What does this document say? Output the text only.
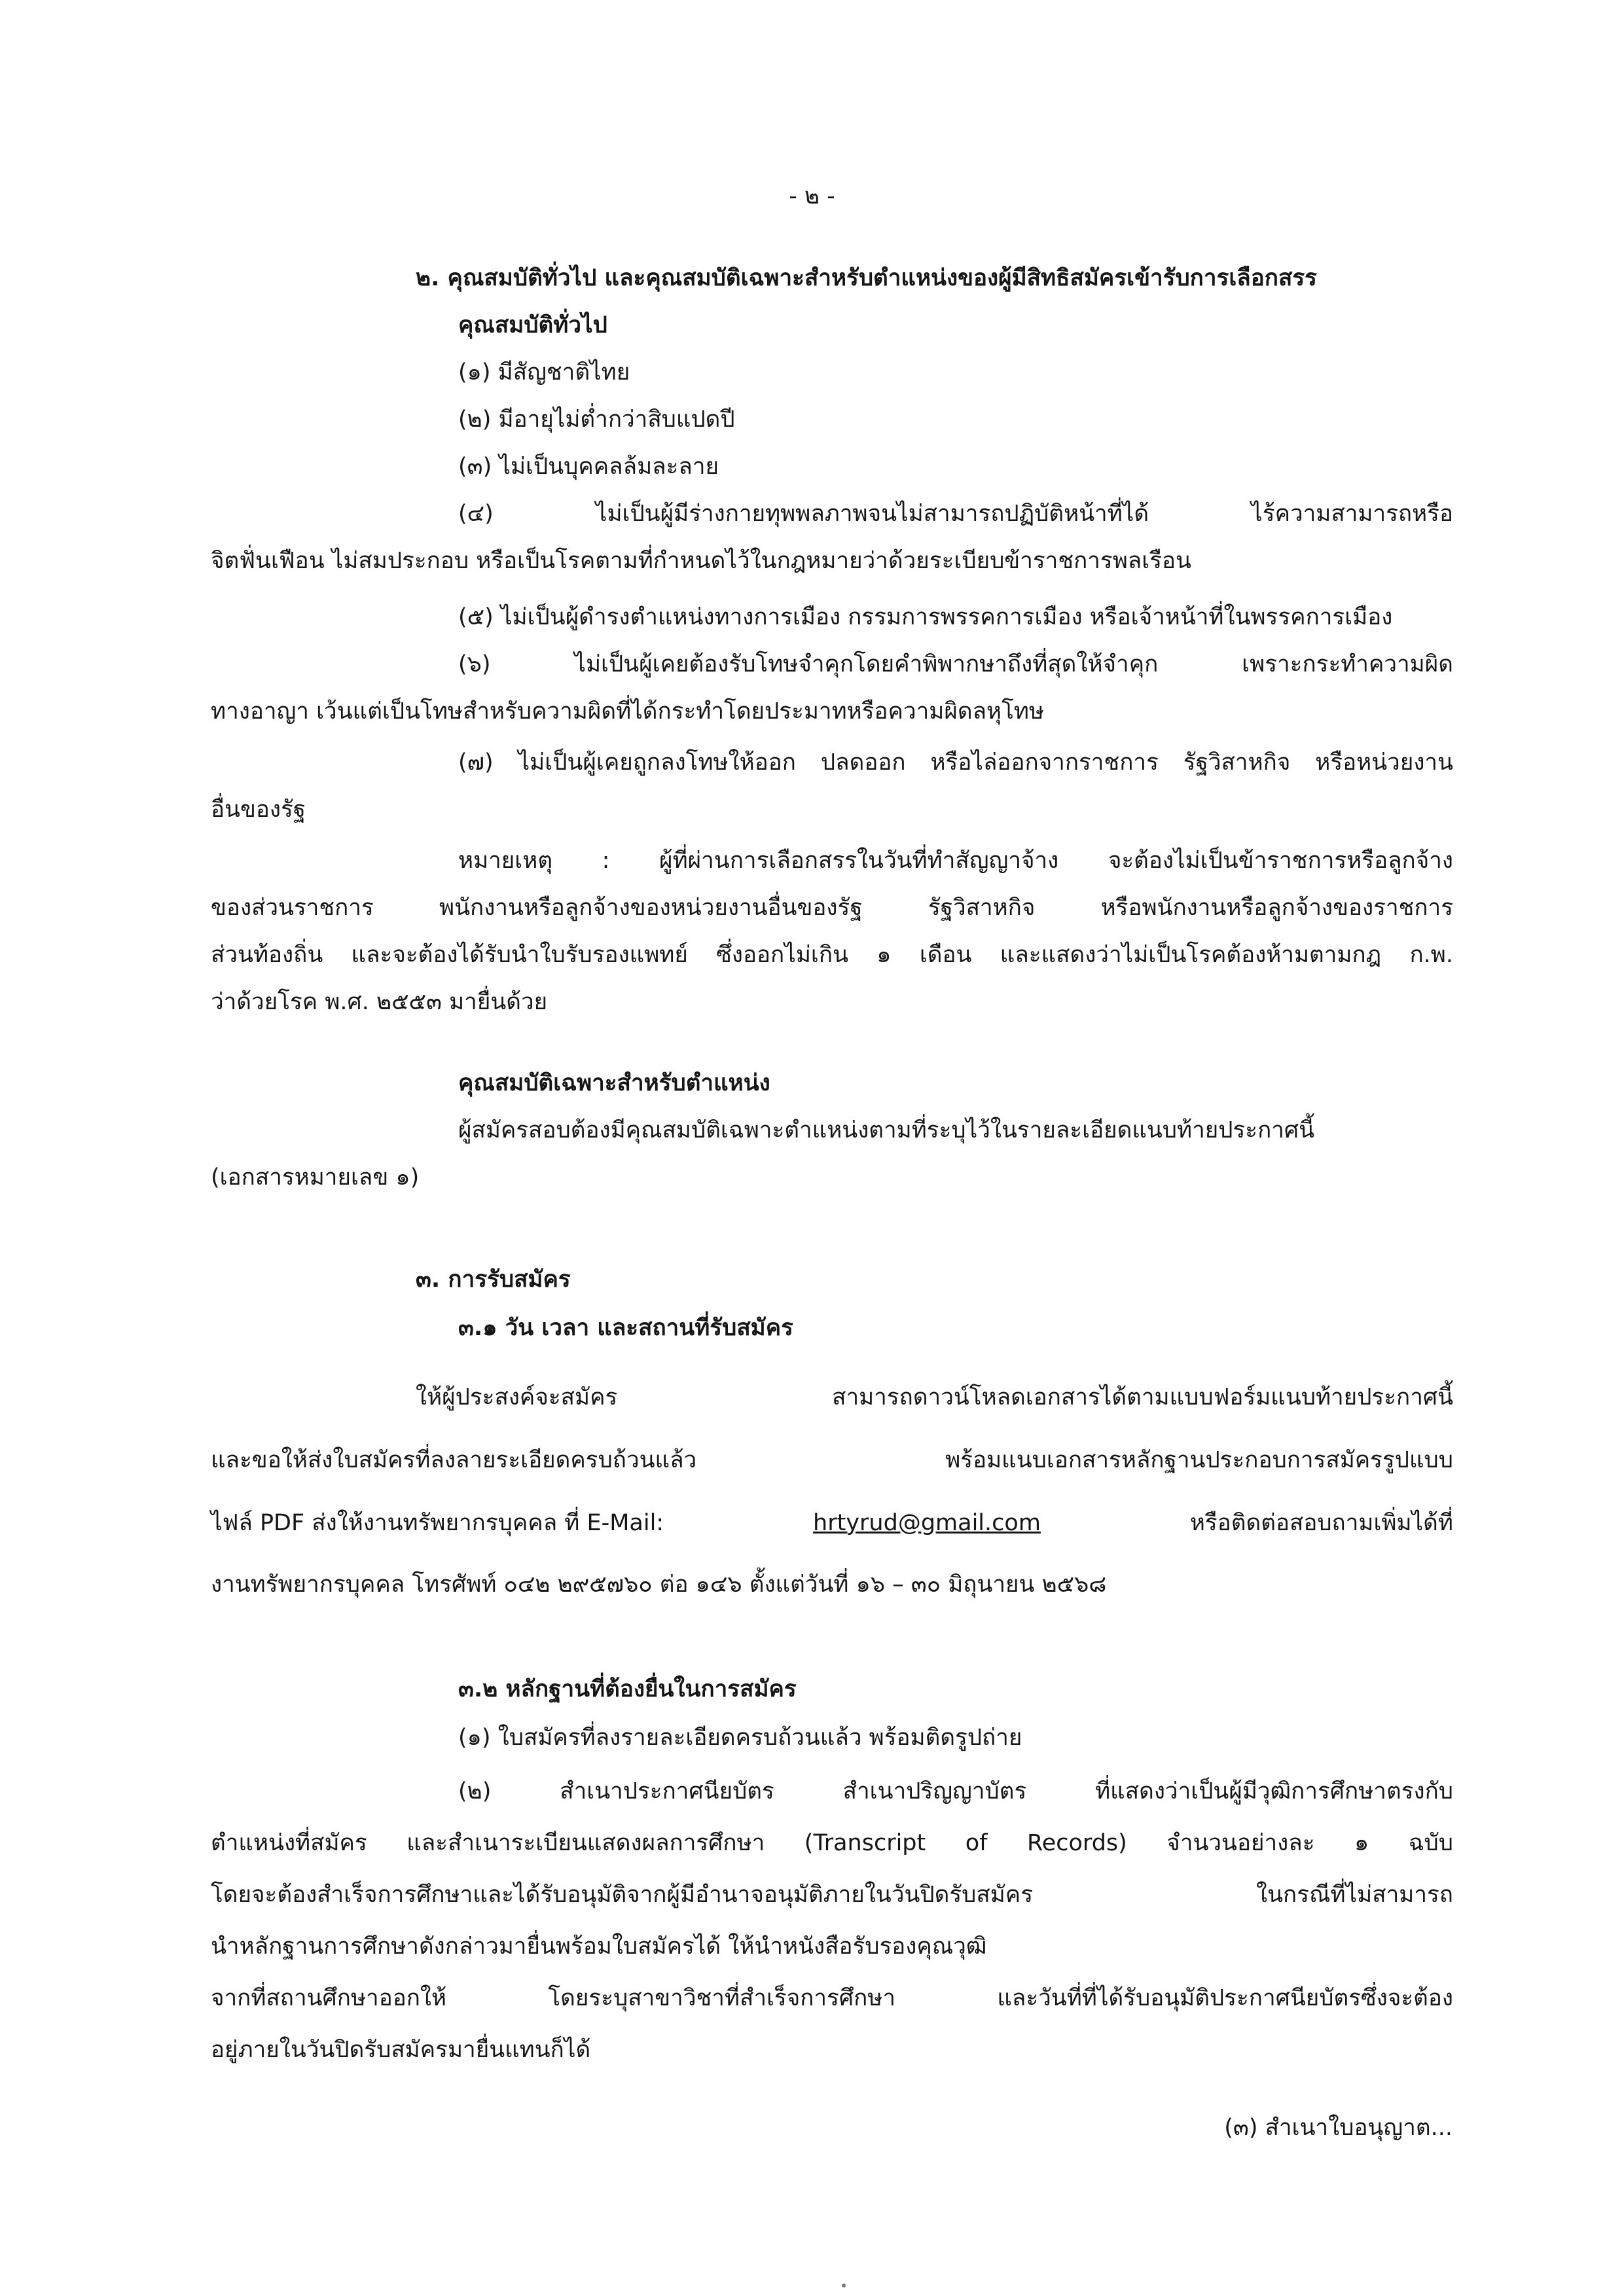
- ๒ -
๒. คุณสมบัติทั่วไป และคุณสมบัติเฉพาะสำหรับตำแหน่งของผู้มีสิทธิสมัครเข้ารับการเลือกสรร
คุณสมบัติทั่วไป
(๑) มีสัญชาติไทย
(๒) มีอายุไม่ต่ำกว่าสิบแปดปี
(๓) ไม่เป็นบุคคลล้มละลาย
(๔) ไม่เป็นผู้มีร่างกายทุพพลภาพจนไม่สามารถปฏิบัติหน้าที่ได้ ไร้ความสามารถหรือ
จิตฟั่นเฟือน ไม่สมประกอบ หรือเป็นโรคตามที่กำหนดไว้ในกฎหมายว่าด้วยระเบียบข้าราชการพลเรือน
(๕) ไม่เป็นผู้ดำรงตำแหน่งทางการเมือง กรรมการพรรคการเมือง หรือเจ้าหน้าที่ในพรรคการเมือง
(๖) ไม่เป็นผู้เคยต้องรับโทษจำคุกโดยคำพิพากษาถึงที่สุดให้จำคุก เพราะกระทำความผิด
ทางอาญา เว้นแต่เป็นโทษสำหรับความผิดที่ได้กระทำโดยประมาทหรือความผิดลหุโทษ
(๗) ไม่เป็นผู้เคยถูกลงโทษให้ออก ปลดออก หรือไล่ออกจากราชการ รัฐวิสาหกิจ หรือหน่วยงาน
อื่นของรัฐ
หมายเหตุ : ผู้ที่ผ่านการเลือกสรรในวันที่ทำสัญญาจ้าง จะต้องไม่เป็นข้าราชการหรือลูกจ้าง
ของส่วนราชการ พนักงานหรือลูกจ้างของหน่วยงานอื่นของรัฐ รัฐวิสาหกิจ หรือพนักงานหรือลูกจ้างของราชการ
ส่วนท้องถิ่น และจะต้องได้รับนำใบรับรองแพทย์ ซึ่งออกไม่เกิน ๑ เดือน และแสดงว่าไม่เป็นโรคต้องห้ามตามกฎ ก.พ.
ว่าด้วยโรค พ.ศ. ๒๕๕๓ มายื่นด้วย
คุณสมบัติเฉพาะสำหรับตำแหน่ง
ผู้สมัครสอบต้องมีคุณสมบัติเฉพาะตำแหน่งตามที่ระบุไว้ในรายละเอียดแนบท้ายประกาศนี้
(เอกสารหมายเลข ๑)
๓. การรับสมัคร
๓.๑ วัน เวลา และสถานที่รับสมัคร
ให้ผู้ประสงค์จะสมัคร สามารถดาวน์โหลดเอกสารได้ตามแบบฟอร์มแนบท้ายประกาศนี้
และขอให้ส่งใบสมัครที่ลงลายระเอียดครบถ้วนแล้ว พร้อมแนบเอกสารหลักฐานประกอบการสมัครรูปแบบ
ไฟล์ PDF ส่งให้งานทรัพยากรบุคคล ที่ E-Mail:	hrtyrud@gmail.com	หรือติดต่อสอบถามเพิ่มได้ที่
งานทรัพยากรบุคคล โทรศัพท์ ๐๔๒ ๒๙๕๗๖๐ ต่อ ๑๔๖ ตั้งแต่วันที่ ๑๖ – ๓๐ มิถุนายน ๒๕๖๘
๓.๒ หลักฐานที่ต้องยื่นในการสมัคร
(๑) ใบสมัครที่ลงรายละเอียดครบถ้วนแล้ว พร้อมติดรูปถ่าย
(๒) สำเนาประกาศนียบัตร สำเนาปริญญาบัตร ที่แสดงว่าเป็นผู้มีวุฒิการศึกษาตรงกับ
ตำแหน่งที่สมัคร และสำเนาระเบียนแสดงผลการศึกษา (Transcript of Records) จำนวนอย่างละ ๑ ฉบับ
โดยจะต้องสำเร็จการศึกษาและได้รับอนุมัติจากผู้มีอำนาจอนุมัติภายในวันปิดรับสมัคร ในกรณีที่ไม่สามารถ
นำหลักฐานการศึกษาดังกล่าวมายื่นพร้อมใบสมัครได้ ให้นำหนังสือรับรองคุณวุฒิ
จากที่สถานศึกษาออกให้ โดยระบุสาขาวิชาที่สำเร็จการศึกษา และวันที่ที่ได้รับอนุมัติประกาศนียบัตรซึ่งจะต้อง
อยู่ภายในวันปิดรับสมัครมายื่นแทนก็ได้
(๓) สำเนาใบอนุญาต...
